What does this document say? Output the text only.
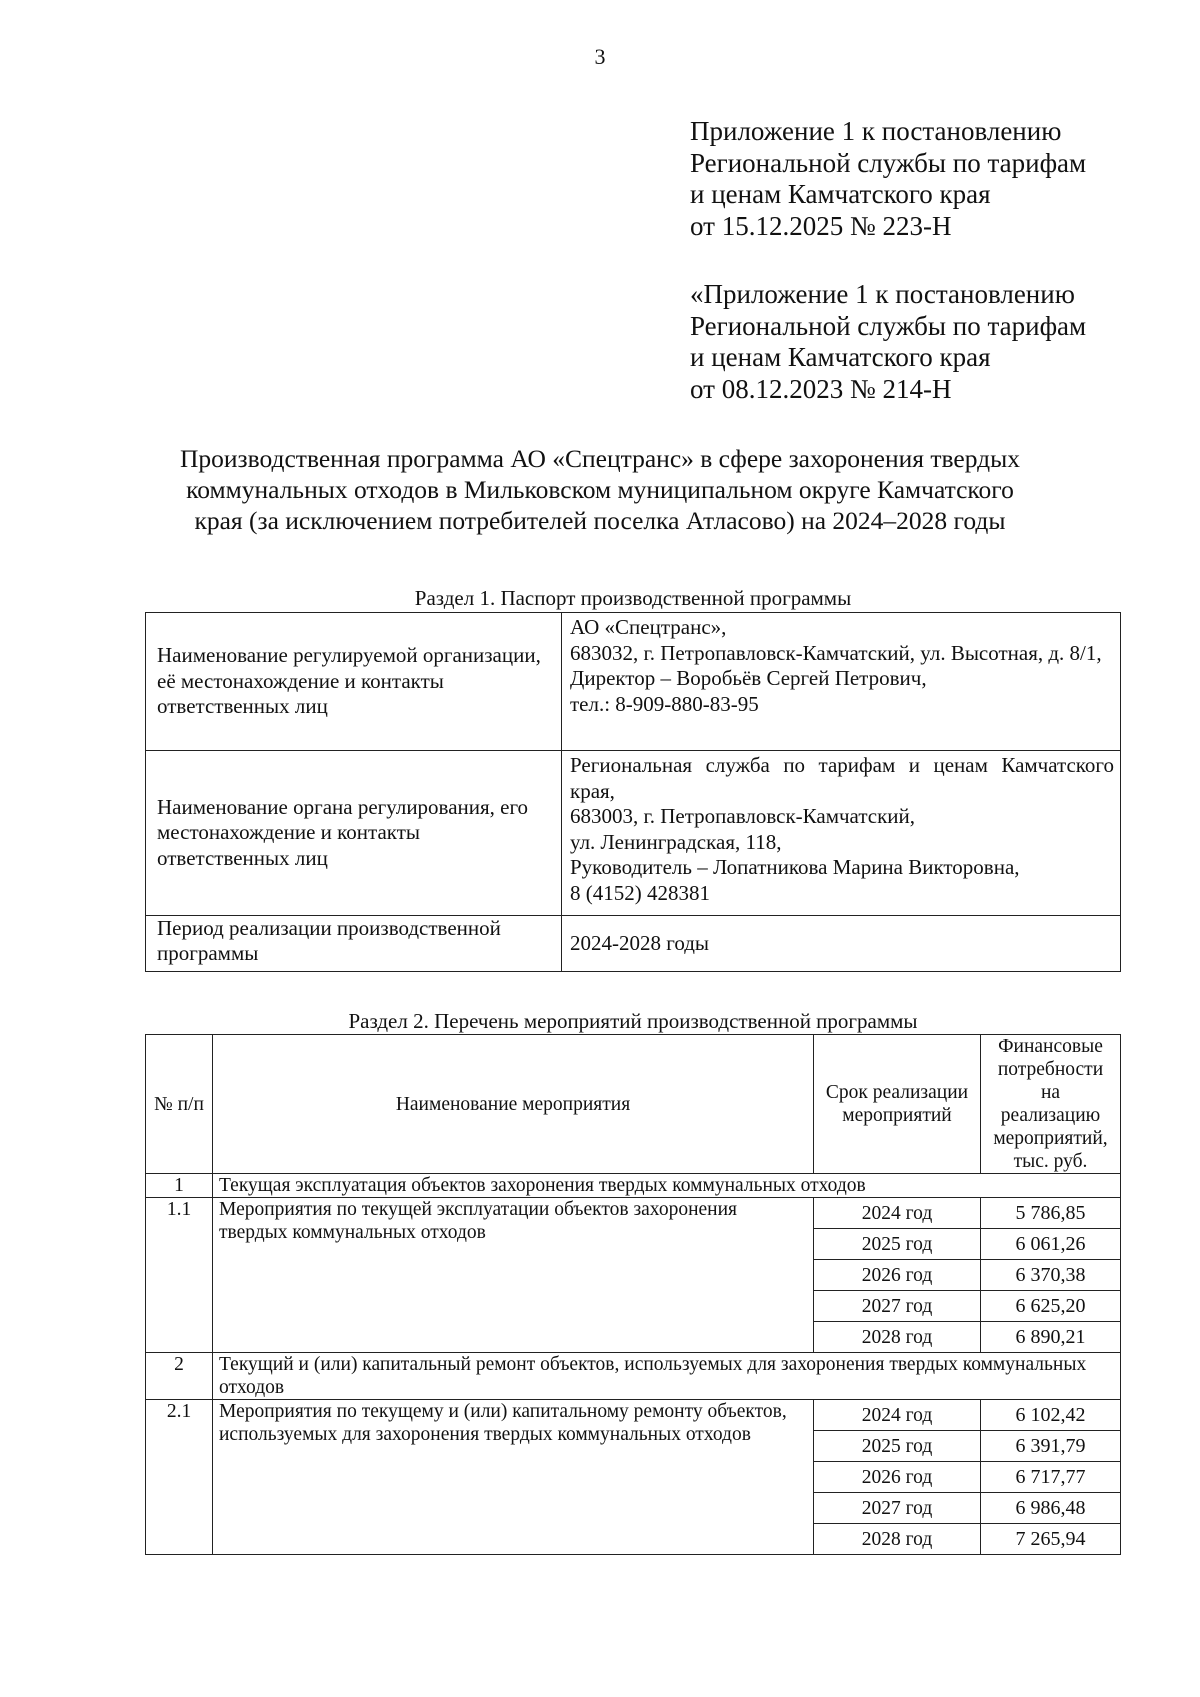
3
Приложение 1 к постановлению
Региональной службы по тарифам
и ценам Камчатского края
от 15.12.2025 № 223-Н
«Приложение 1 к постановлению
Региональной службы по тарифам
и ценам Камчатского края
от 08.12.2023 № 214-Н
Производственная программа АО «Спецтранс» в сфере захоронения твердых
коммунальных отходов в Мильковском муниципальном округе Камчатского
края (за исключением потребителей поселка Атласово) на 2024–2028 годы
Раздел 1. Паспорт производственной программы
Наименование регулируемой организации, её местонахождение и контакты ответственных лиц	АО «Спецтранс»,
683032, г. Петропавловск-Камчатский, ул. Высотная, д. 8/1,
Директор – Воробьёв Сергей Петрович,
тел.: 8-909-880-83-95

Наименование органа регулирования, его местонахождение и контакты ответственных лиц	Региональная служба по тарифам и ценам Камчатского края,
683003, г. Петропавловск-Камчатский,
ул. Ленинградская, 118,
Руководитель – Лопатникова Марина Викторовна,
8 (4152) 428381

Период реализации производственной программы	2024-2028 годы
Раздел 2. Перечень мероприятий производственной программы
№ п/п	Наименование мероприятия	Срок реализации мероприятий	Финансовые потребности на реализацию мероприятий, тыс. руб.
1	Текущая эксплуатация объектов захоронения твердых коммунальных отходов		
1.1	Мероприятия по текущей эксплуатации объектов захоронения твердых коммунальных отходов	2024 год	5 786,85
		2025 год	6 061,26
		2026 год	6 370,38
		2027 год	6 625,20
		2028 год	6 890,21
2	Текущий и (или) капитальный ремонт объектов, используемых для захоронения твердых коммунальных отходов		
2.1	Мероприятия по текущему и (или) капитальному ремонту объектов, используемых для захоронения твердых коммунальных отходов	2024 год	6 102,42
		2025 год	6 391,79
		2026 год	6 717,77
		2027 год	6 986,48
		2028 год	7 265,94
